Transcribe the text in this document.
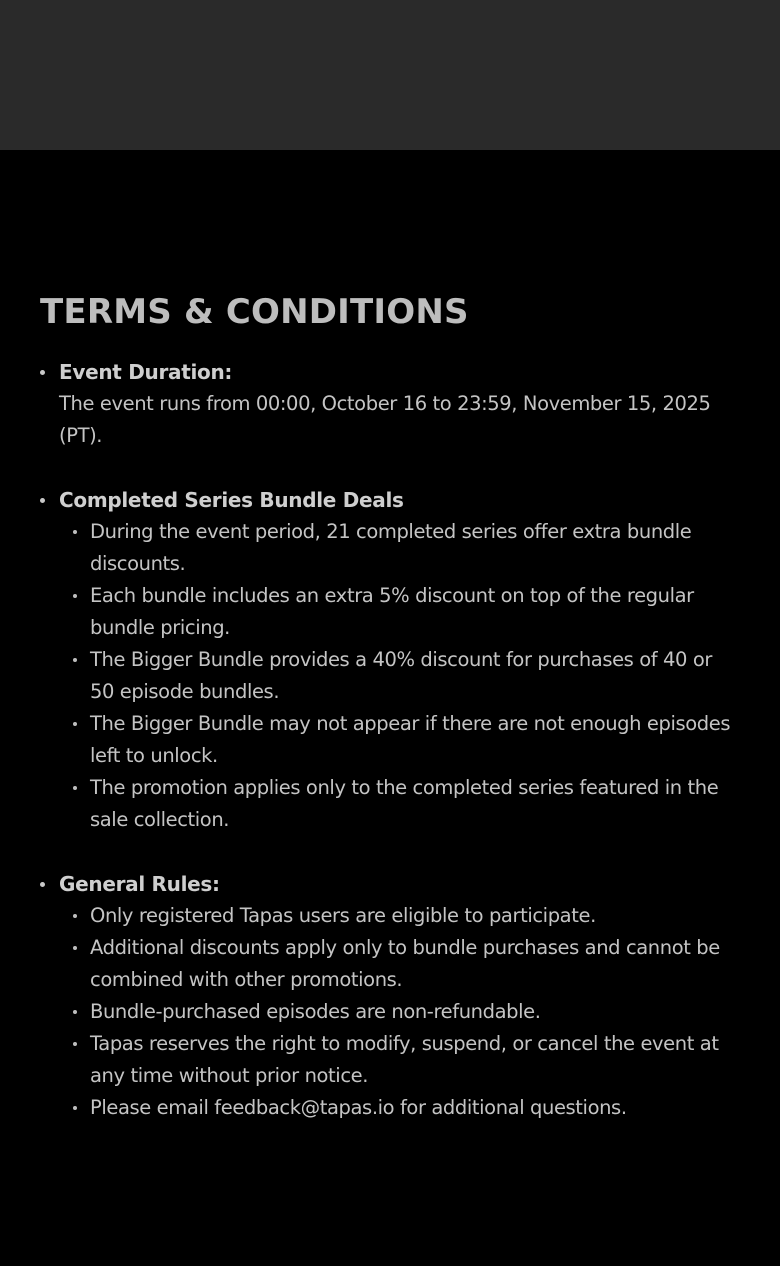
TERMS & CONDITIONS
Event Duration:
The event runs from 00:00, October 16 to 23:59, November 15, 2025 (PT).
Completed Series Bundle Deals
During the event period, 21 completed series offer extra bundle discounts.
Each bundle includes an extra 5% discount on top of the regular bundle pricing.
The Bigger Bundle provides a 40% discount for purchases of 40 or 50 episode bundles.
The Bigger Bundle may not appear if there are not enough episodes left to unlock.
The promotion applies only to the completed series featured in the sale collection.
General Rules:
Only registered Tapas users are eligible to participate.
Additional discounts apply only to bundle purchases and cannot be combined with other promotions.
Bundle-purchased episodes are non-refundable.
Tapas reserves the right to modify, suspend, or cancel the event at any time without prior notice.
Please email feedback@tapas.io for additional questions.
